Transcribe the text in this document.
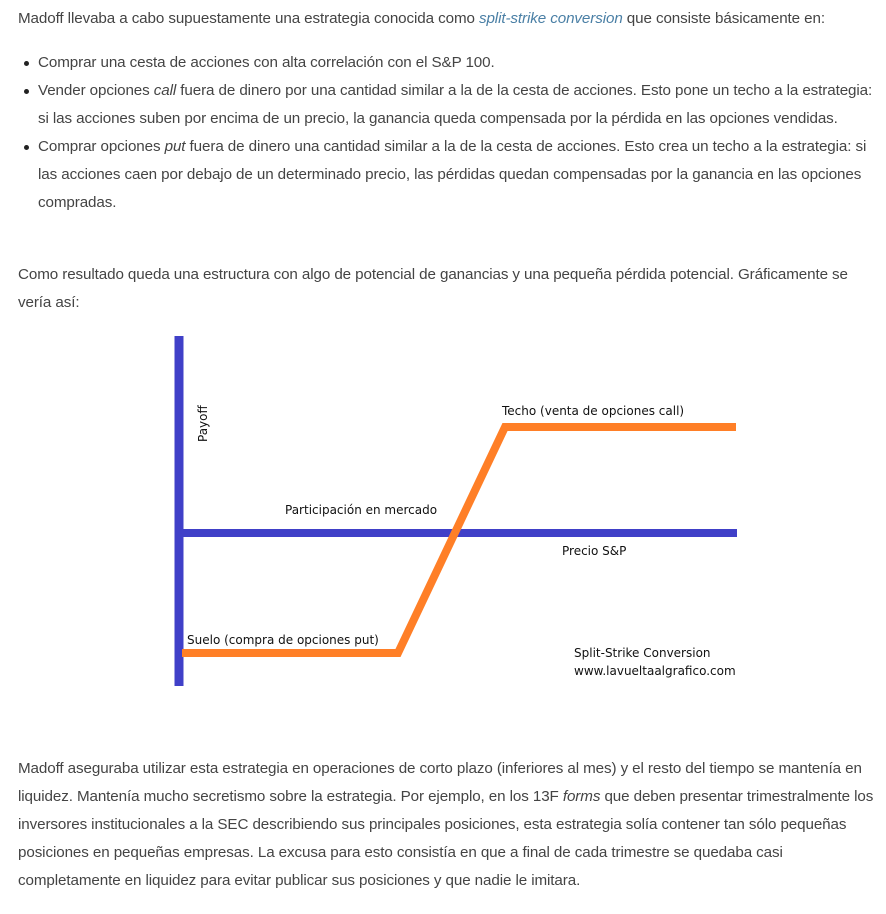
Madoff llevaba a cabo supuestamente una estrategia conocida como split-strike conversion que consiste básicamente en:

Comprar una cesta de acciones con alta correlación con el S&P 100.
Vender opciones call fuera de dinero por una cantidad similar a la de la cesta de acciones. Esto pone un techo a la estrategia: si las acciones suben por encima de un precio, la ganancia queda compensada por la pérdida en las opciones vendidas.
Comprar opciones put fuera de dinero una cantidad similar a la de la cesta de acciones. Esto crea un techo a la estrategia: si las acciones caen por debajo de un determinado precio, las pérdidas quedan compensadas por la ganancia en las opciones compradas.

Como resultado queda una estructura con algo de potencial de ganancias y una pequeña pérdida potencial. Gráficamente se vería así:

Madoff aseguraba utilizar esta estrategia en operaciones de corto plazo (inferiores al mes) y el resto del tiempo se mantenía en liquidez. Mantenía mucho secretismo sobre la estrategia. Por ejemplo, en los 13F forms que deben presentar trimestralmente los inversores institucionales a la SEC describiendo sus principales posiciones, esta estrategia solía contener tan sólo pequeñas posiciones en pequeñas empresas. La excusa para esto consistía en que a final de cada trimestre se quedaba casi completamente en liquidez para evitar publicar sus posiciones y que nadie le imitara.

Payoff	Techo (venta de opciones call)
Participación en mercado
Precio S&P
Suelo (compra de opciones put)
Split-Strike Conversion
www.lavueltaalgrafico.com
